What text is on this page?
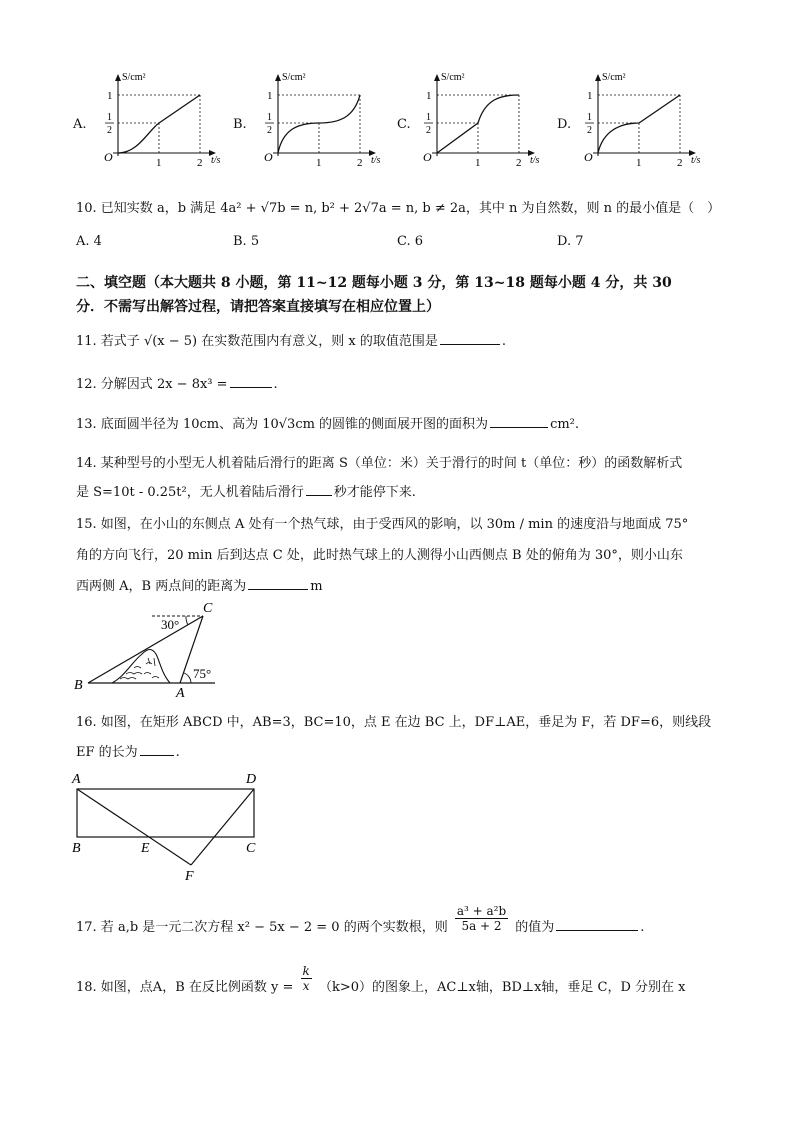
A.	B.	C.	D.
S/cm²
t/s
O
1
1
2
1	2
S/cm²
t/s
O
1
1
2
1	2
S/cm²
t/s
O
1
1
2
1	2
S/cm²
t/s
O
1
1
2
1	2
10. 已知实数 a，b 满足 4a² + √7b = n, b² + 2√7a = n, b ≠ 2a，其中 n 为自然数，则 n 的最小值是（　）
A. 4	B. 5	C. 6	D. 7
二、填空题（本大题共 8 小题，第 11~12 题每小题 3 分，第 13~18 题每小题 4 分，共 30
分．不需写出解答过程，请把答案直接填写在相应位置上）
11. 若式子 √(x − 5) 在实数范围内有意义，则 x 的取值范围是	.
12. 分解因式 2x − 8x³ =	.
13. 底面圆半径为 10cm、高为 10√3cm 的圆锥的侧面展开图的面积为	cm².
14. 某种型号的小型无人机着陆后滑行的距离 S（单位：米）关于滑行的时间 t（单位：秒）的函数解析式
是 S=10t - 0.25t²，无人机着陆后滑行 秒才能停下来.
15. 如图，在小山的东侧点 A 处有一个热气球，由于受西风的影响，以 30m / min 的速度沿与地面成 75°
角的方向飞行，20 min 后到达点 C 处，此时热气球上的人测得小山西侧点 B 处的俯角为 30°，则小山东
西两侧 A，B 两点间的距离为	m
C
B
A
30°
75°
16. 如图，在矩形 ABCD 中，AB=3，BC=10，点 E 在边 BC 上，DF⊥AE，垂足为 F，若 DF=6，则线段
EF 的长为	.
A	D
B	E	C
F
17. 若 a,b 是一元二次方程 x² − 5x − 2 = 0 的两个实数根，则 $\frac{\text{a³ + a²b}}{5a + 2}$ 的值为	.
18. 如图，点A，B 在反比例函数 $y = \frac{k}{x} (k>0)$的图象上，AC⊥x轴，BD⊥x轴，垂足 C，D 分别在 x
